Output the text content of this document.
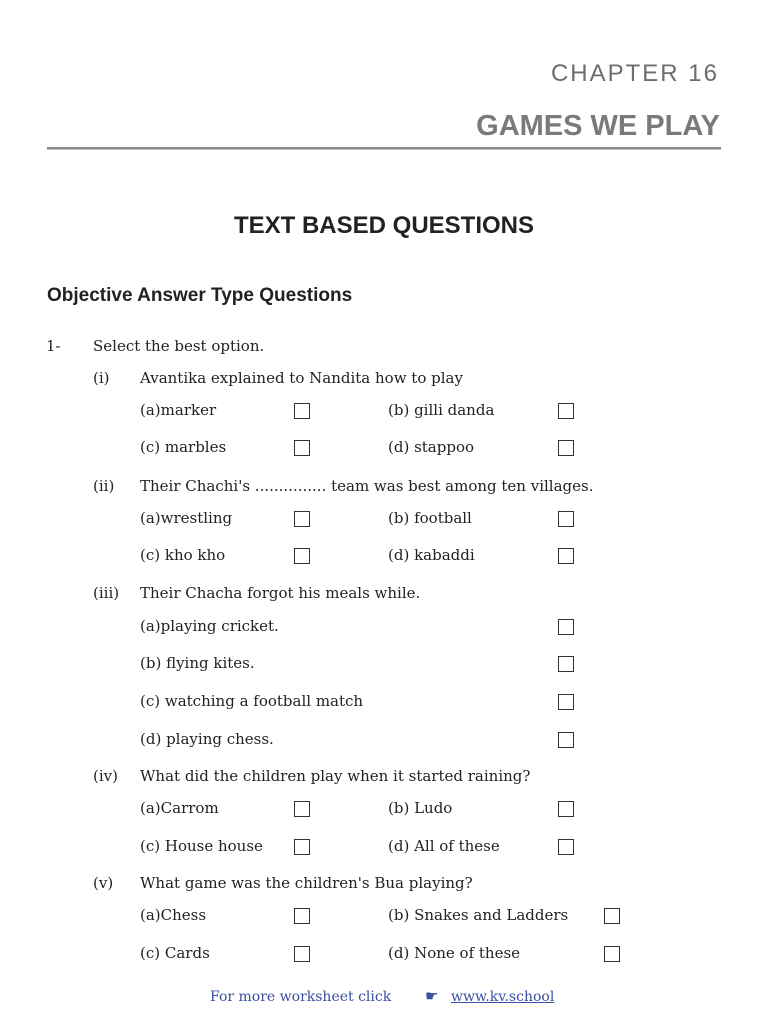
CHAPTER 16
GAMES WE PLAY
TEXT BASED QUESTIONS
Objective Answer Type Questions
1- Select the best option.
(i) Avantika explained to Nandita how to play
(a)marker	(b) gilli danda
(c) marbles	(d) stappoo
(ii) Their Chachi's ............... team was best among ten villages.
(a)wrestling	(b) football
(c) kho kho	(d) kabaddi
(iii) Their Chacha forgot his meals while.
(a)playing cricket.
(b) flying kites.
(c) watching a football match
(d) playing chess.
(iv) What did the children play when it started raining?
(a)Carrom	(b) Ludo
(c) House house	(d) All of these
(v) What game was the children's Bua playing?
(a)Chess	(b) Snakes and Ladders
(c) Cards	(d) None of these
For more worksheet click ☛ www.kv.school
